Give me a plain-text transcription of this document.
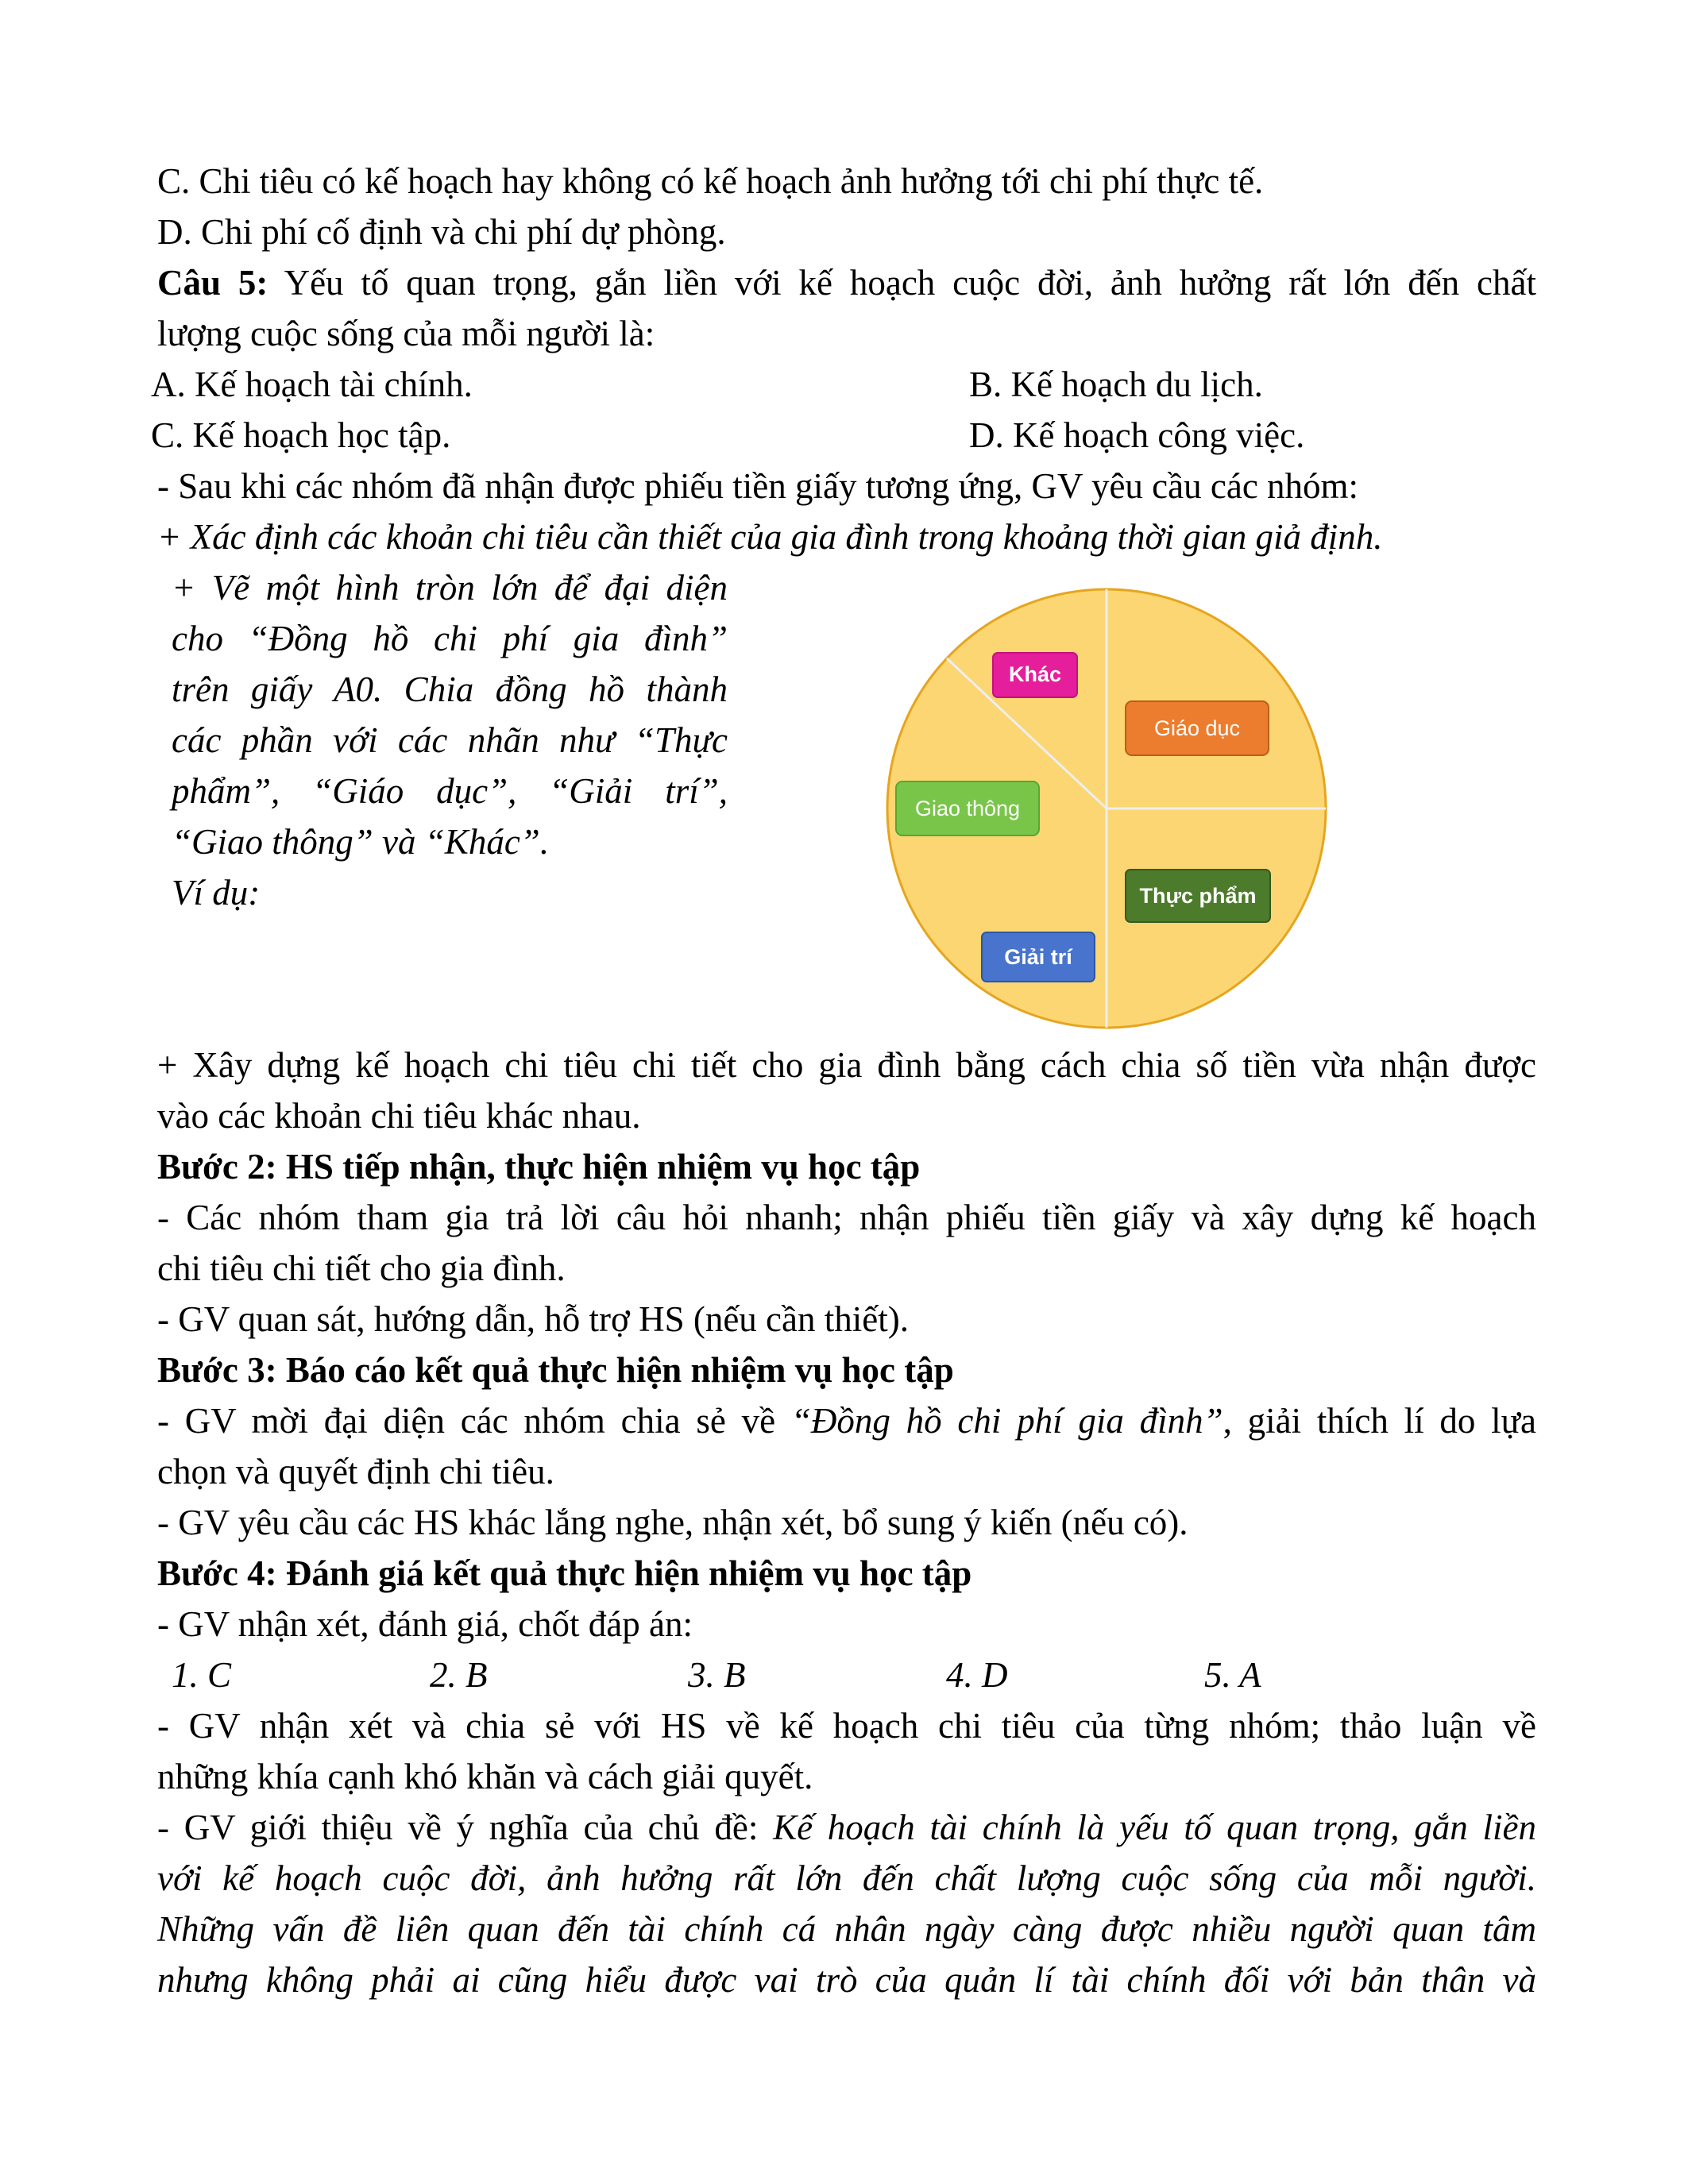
C. Chi tiêu có kế hoạch hay không có kế hoạch ảnh hưởng tới chi phí thực tế.
D. Chi phí cố định và chi phí dự phòng.
Câu 5: Yếu tố quan trọng, gắn liền với kế hoạch cuộc đời, ảnh hưởng rất lớn đến chất
lượng cuộc sống của mỗi người là:
A. Kế hoạch tài chính.	B. Kế hoạch du lịch.
C. Kế hoạch học tập.	D. Kế hoạch công việc.
- Sau khi các nhóm đã nhận được phiếu tiền giấy tương ứng, GV yêu cầu các nhóm:
+ Xác định các khoản chi tiêu cần thiết của gia đình trong khoảng thời gian giả định.
+ Vẽ một hình tròn lớn để đại diện
cho “Đồng hồ chi phí gia đình”
trên giấy A0. Chia đồng hồ thành
các phần với các nhãn như “Thực
phẩm”, “Giáo dục”, “Giải trí”,
“Giao thông” và “Khác”.
Ví dụ:
Khác
Giáo dục
Giao thông
Thực phẩm
Giải trí
+ Xây dựng kế hoạch chi tiêu chi tiết cho gia đình bằng cách chia số tiền vừa nhận được
vào các khoản chi tiêu khác nhau.
Bước 2: HS tiếp nhận, thực hiện nhiệm vụ học tập
- Các nhóm tham gia trả lời câu hỏi nhanh; nhận phiếu tiền giấy và xây dựng kế hoạch
chi tiêu chi tiết cho gia đình.
- GV quan sát, hướng dẫn, hỗ trợ HS (nếu cần thiết).
Bước 3: Báo cáo kết quả thực hiện nhiệm vụ học tập
- GV mời đại diện các nhóm chia sẻ về “Đồng hồ chi phí gia đình”, giải thích lí do lựa
chọn và quyết định chi tiêu.
- GV yêu cầu các HS khác lắng nghe, nhận xét, bổ sung ý kiến (nếu có).
Bước 4: Đánh giá kết quả thực hiện nhiệm vụ học tập
- GV nhận xét, đánh giá, chốt đáp án:
1. C	2. B	3. B	4. D	5. A
- GV nhận xét và chia sẻ với HS về kế hoạch chi tiêu của từng nhóm; thảo luận về
những khía cạnh khó khăn và cách giải quyết.
- GV giới thiệu về ý nghĩa của chủ đề: Kế hoạch tài chính là yếu tố quan trọng, gắn liền
với kế hoạch cuộc đời, ảnh hưởng rất lớn đến chất lượng cuộc sống của mỗi người.
Những vấn đề liên quan đến tài chính cá nhân ngày càng được nhiều người quan tâm
nhưng không phải ai cũng hiểu được vai trò của quản lí tài chính đối với bản thân và
